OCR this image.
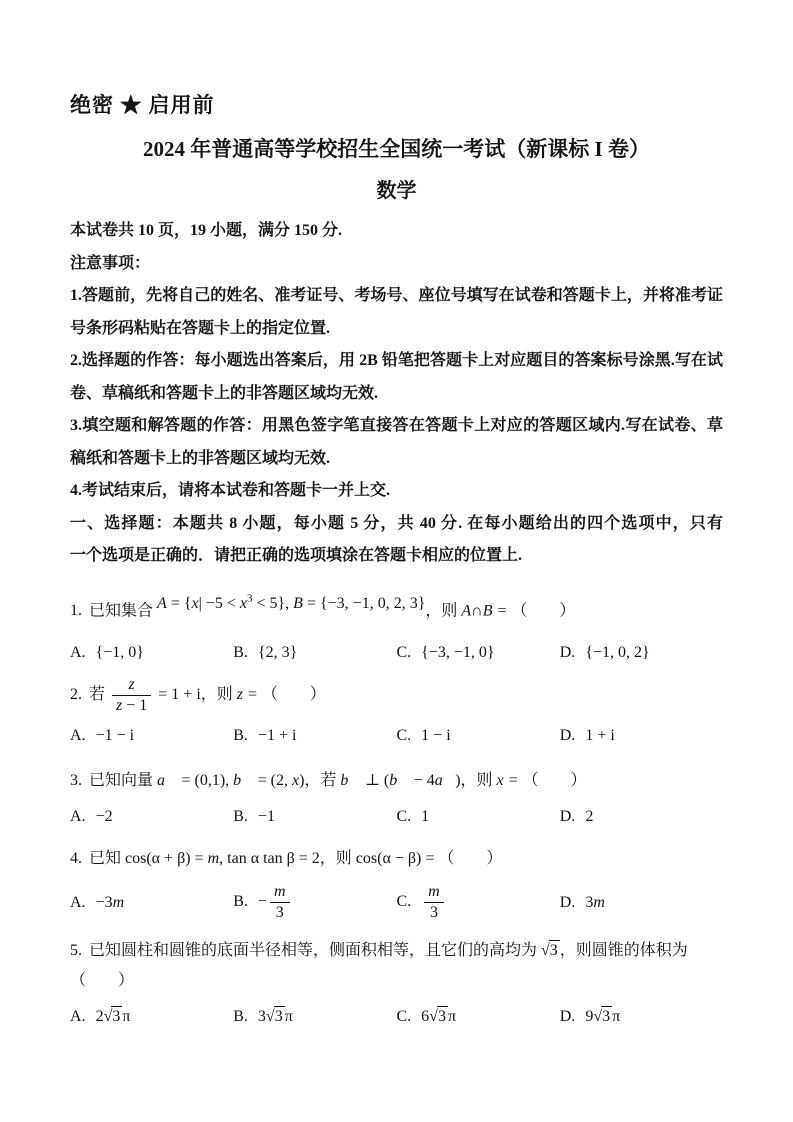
绝密 ★ 启用前
2024 年普通高等学校招生全国统一考试（新课标 I 卷）
数学
本试卷共 10 页，19 小题，满分 150 分.
注意事项：
1.答题前，先将自己的姓名、准考证号、考场号、座位号填写在试卷和答题卡上，并将准考证
号条形码粘贴在答题卡上的指定位置.
2.选择题的作答：每小题选出答案后，用 2B 铅笔把答题卡上对应题目的答案标号涂黑.写在试
卷、草稿纸和答题卡上的非答题区域均无效.
3.填空题和解答题的作答：用黑色签字笔直接答在答题卡上对应的答题区域内.写在试卷、草
稿纸和答题卡上的非答题区域均无效.
4.考试结束后，请将本试卷和答题卡一并上交.
一、选择题：本题共 8 小题，每小题 5 分，共 40 分. 在每小题给出的四个选项中，只有
一个选项是正确的．请把正确的选项填涂在答题卡相应的位置上.
1. 已知集合 $A = \{x| -5 < x^3 < 5\}$, B = {−3, −1, 0, 2, 3}，则 A∩B = （　　）
A. {−1, 0}	B. {2, 3}	C. {−3, −1, 0}	D. {−1, 0, 2}
2. 若 $\frac{z}{z - 1} = 1 + i$，则 z = （　　）
A. −1 − i	B. −1 + i	C. 1 − i	D. 1 + i
3. 已知向量 a⃗ = (0,1), b⃗ = (2, x)，若 b⃗ ⊥ (b⃗ − 4a⃗)，则 x = （　　）
A. −2	B. −1	C. 1	D. 2
4. 已知 cos(α + β) = m, tan α tan β = 2，则 cos(α − β) = （　　）
A. −3m	B. − $\frac{m}{3}$	C. $\frac{m}{3}$	D. 3m
5. 已知圆柱和圆锥的底面半径相等，侧面积相等，且它们的高均为 √3 ，则圆锥的体积为（　　）
A. 2√3 π	B. 3√3 π	C. 6√3 π	D. 9√3 π
